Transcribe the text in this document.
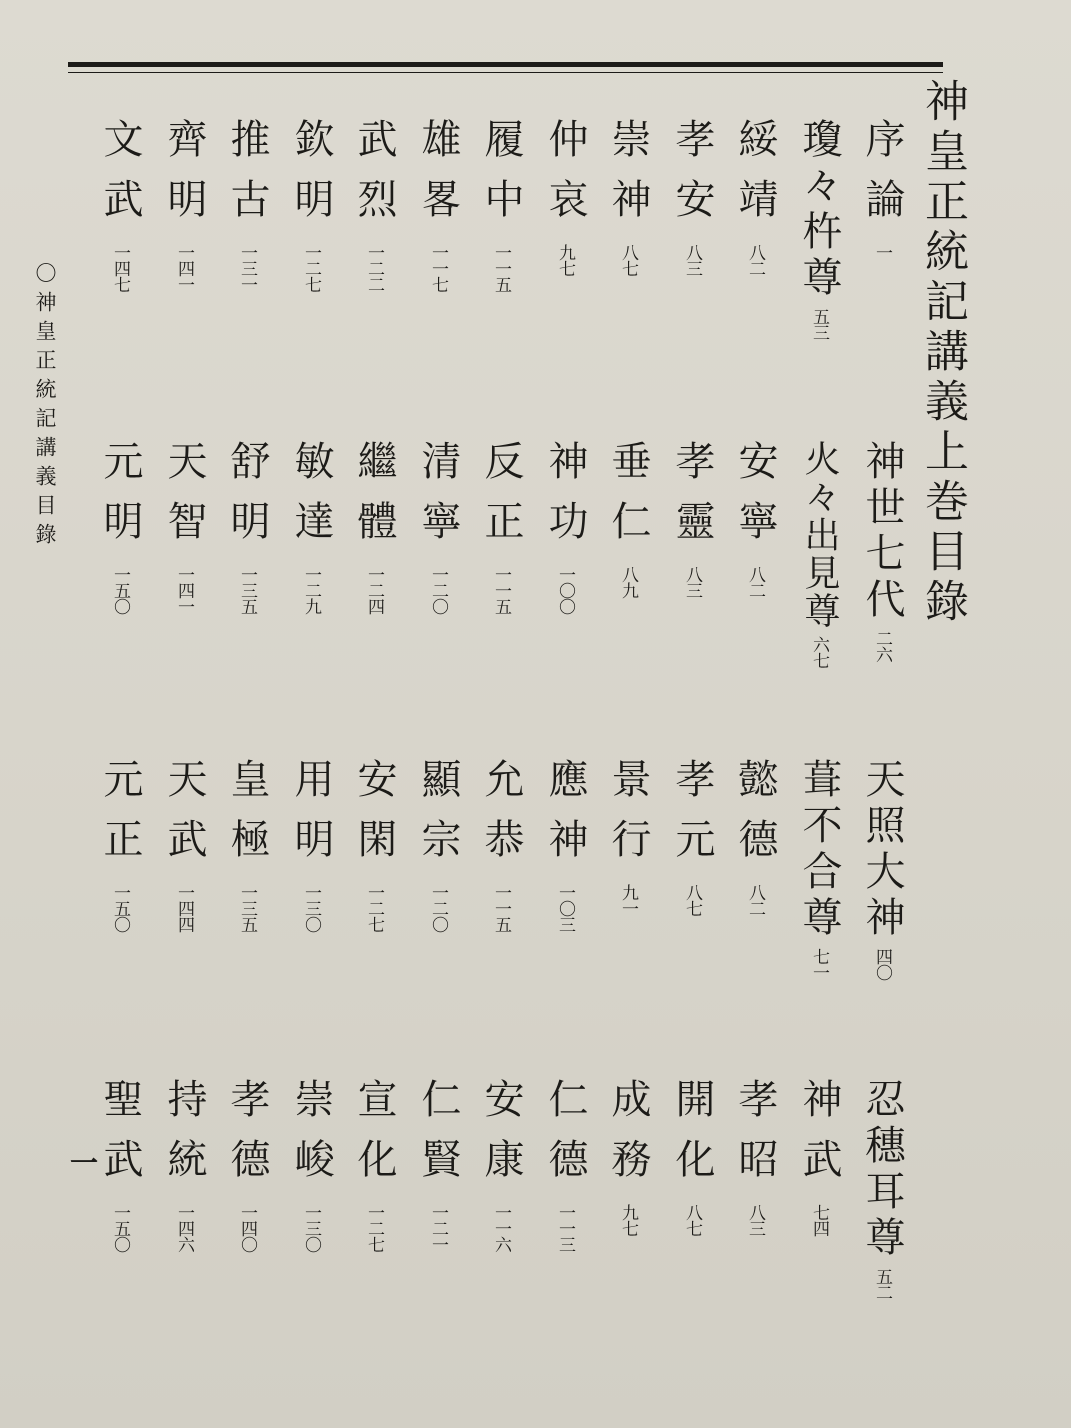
神皇正統記講義上巻目錄
序論
一
神世七代
二六
天照大神
四〇
忍穗耳尊
五二
瓊々杵尊
五三
火々出見尊
六七
葺不合尊
七一
神武
七四
綏靖
八二
安寧
八二
懿德
八二
孝昭
八三
孝安
八三
孝靈
八三
孝元
八七
開化
八七
崇神
八七
垂仁
八九
景行
九一
成務
九七
仲哀
九七
神功
一〇〇
應神
一〇三
仁德
一一三
履中
一一五
反正
一一五
允恭
一一五
安康
一一六
雄畧
一一七
清寧
一二〇
顯宗
一二〇
仁賢
一二一
武烈
一二二
繼體
一二四
安閑
一二七
宣化
一二七
欽明
一二七
敏達
一二九
用明
一三〇
崇峻
一三〇
推古
一三一
舒明
一三五
皇極
一三五
孝德
一四〇
齊明
一四一
天智
一四一
天武
一四四
持統
一四六
文武
一四七
元明
一五〇
元正
一五〇
聖武
一五〇
〇神皇正統記講義目錄
一
